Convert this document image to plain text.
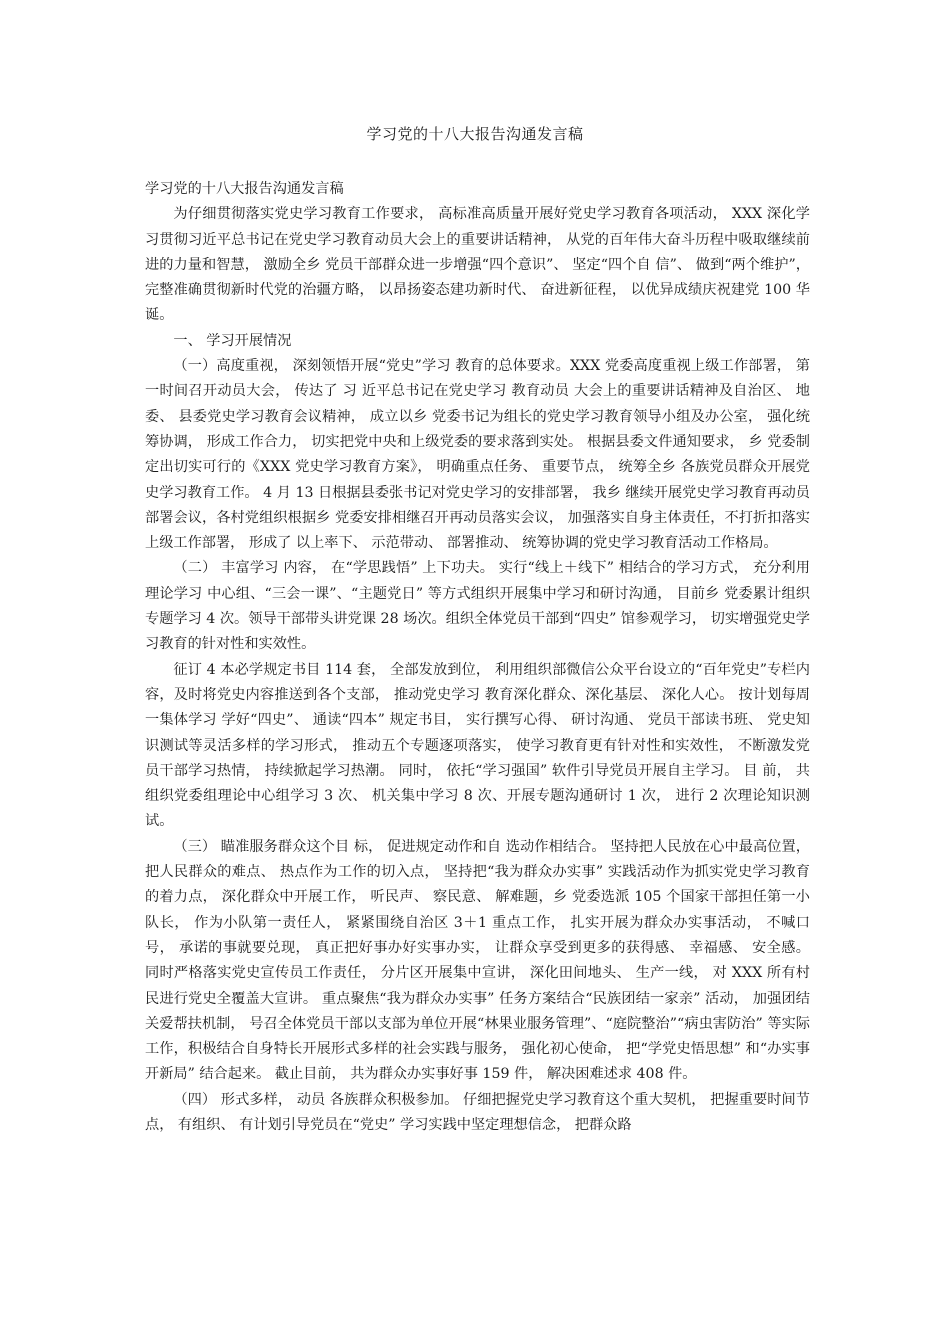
学习党的十八大报告沟通发言稿

学习党的十八大报告沟通发言稿

为仔细贯彻落实党史学习教育工作要求， 高标准高质量开展好党史学习教育各项活动， XXX 深化学习贯彻习近平总书记在党史学习教育动员大会上的重要讲话精神， 从党的百年伟大奋斗历程中吸取继续前进的力量和智慧， 激励全乡 党员干部群众进一步增强“四个意识”、 坚定“四个自 信”、 做到“两个维护”， 完整准确贯彻新时代党的治疆方略， 以昂扬姿态建功新时代、 奋进新征程， 以优异成绩庆祝建党 100 华诞。

一、 学习开展情况

（一）高度重视， 深刻领悟开展“党史”学习 教育的总体要求。XXX 党委高度重视上级工作部署， 第一时间召开动员大会， 传达了 习 近平总书记在党史学习 教育动员 大会上的重要讲话精神及自治区、 地委、 县委党史学习教育会议精神， 成立以乡 党委书记为组长的党史学习教育领导小组及办公室， 强化统筹协调， 形成工作合力， 切实把党中央和上级党委的要求落到实处。 根据县委文件通知要求， 乡 党委制定出切实可行的《XXX 党史学习教育方案》， 明确重点任务、 重要节点， 统筹全乡 各族党员群众开展党史学习教育工作。 4 月 13 日根据县委张书记对党史学习的安排部署， 我乡 继续开展党史学习教育再动员部署会议，各村党组织根据乡 党委安排相继召开再动员落实会议， 加强落实自身主体责任，不打折扣落实上级工作部署， 形成了 以上率下、 示范带动、 部署推动、 统筹协调的党史学习教育活动工作格局。

（二） 丰富学习 内容， 在“学思践悟” 上下功夫。 实行“线上＋线下” 相结合的学习方式， 充分利用理论学习 中心组、“三会一课”、“主题党日” 等方式组织开展集中学习和研讨沟通， 目前乡 党委累计组织专题学习 4 次。领导干部带头讲党课 28 场次。组织全体党员干部到“四史” 馆参观学习， 切实增强党史学习教育的针对性和实效性。

征订 4 本必学规定书目 114 套， 全部发放到位， 利用组织部微信公众平台设立的“百年党史”专栏内容，及时将党史内容推送到各个支部， 推动党史学习 教育深化群众、深化基层、 深化人心。 按计划每周一集体学习 学好“四史”、 通读“四本” 规定书目， 实行撰写心得、 研讨沟通、 党员干部读书班、 党史知识测试等灵活多样的学习形式， 推动五个专题逐项落实， 使学习教育更有针对性和实效性， 不断激发党员干部学习热情， 持续掀起学习热潮。 同时， 依托“学习强国” 软件引导党员开展自主学习。 目 前， 共组织党委组理论中心组学习 3 次、 机关集中学习 8 次、开展专题沟通研讨 1 次， 进行 2 次理论知识测试。

（三） 瞄准服务群众这个目 标， 促进规定动作和自 选动作相结合。 坚持把人民放在心中最高位置， 把人民群众的难点、 热点作为工作的切入点， 坚持把“我为群众办实事” 实践活动作为抓实党史学习教育的着力点， 深化群众中开展工作， 听民声、 察民意、 解难题，乡 党委选派 105 个国家干部担任第一小队长， 作为小队第一责任人， 紧紧围绕自治区 3＋1 重点工作， 扎实开展为群众办实事活动， 不喊口 号， 承诺的事就要兑现， 真正把好事办好实事办实， 让群众享受到更多的获得感、 幸福感、 安全感。 同时严格落实党史宣传员工作责任， 分片区开展集中宣讲， 深化田间地头、 生产一线， 对 XXX 所有村民进行党史全覆盖大宣讲。 重点聚焦“我为群众办实事” 任务方案结合“民族团结一家亲” 活动， 加强团结关爱帮扶机制， 号召全体党员干部以支部为单位开展“林果业服务管理”、“庭院整治”“病虫害防治” 等实际工作，积极结合自身特长开展形式多样的社会实践与服务， 强化初心使命， 把“学党史悟思想” 和“办实事开新局” 结合起来。 截止目前， 共为群众办实事好事 159 件， 解决困难述求 408 件。

（四） 形式多样， 动员 各族群众积极参加。 仔细把握党史学习教育这个重大契机， 把握重要时间节点， 有组织、 有计划引导党员在“党史” 学习实践中坚定理想信念， 把群众路
